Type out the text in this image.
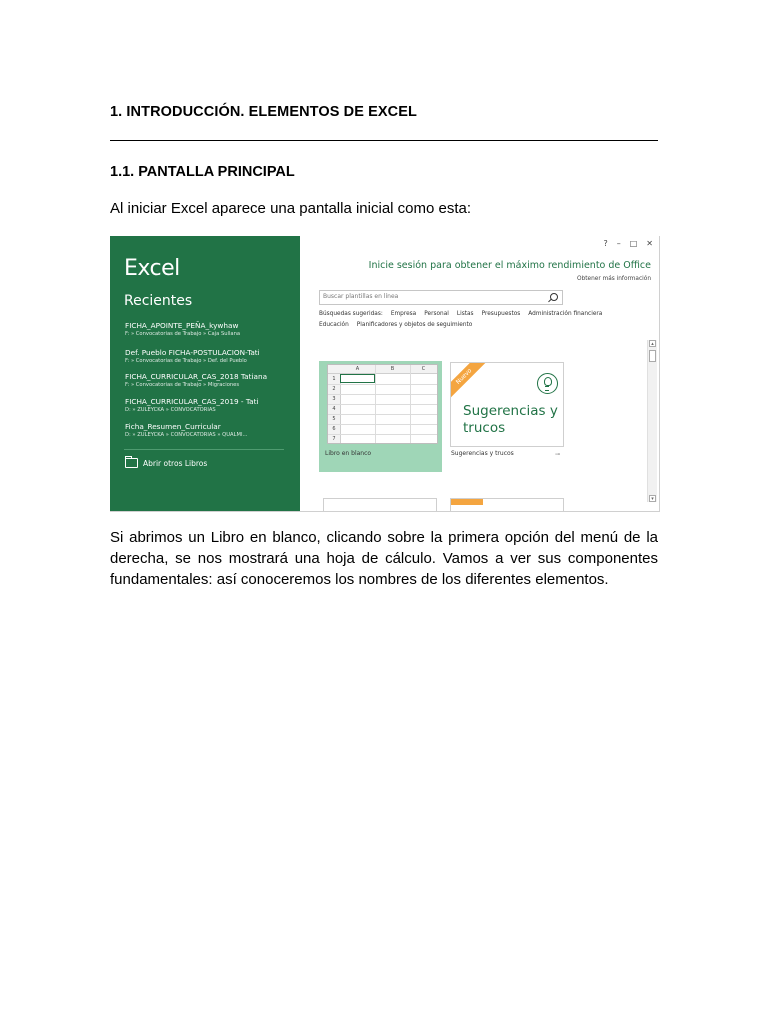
1. INTRODUCCIÓN. ELEMENTOS DE EXCEL
1.1. PANTALLA PRINCIPAL
Al iniciar Excel aparece una pantalla inicial como esta:
Excel
Recientes
FICHA_APOINTE_PEÑA_kywhaw
F: » Convocatorias de Trabajo » Caja Sullana
Def. Pueblo FICHA-POSTULACION-Tati
F: » Convocatorias de Trabajo » Def. del Pueblo
FICHA_CURRICULAR_CAS_2018 Tatiana
F: » Convocatorias de Trabajo » Migraciones
FICHA_CURRICULAR_CAS_2019 - Tati
D: » ZULEYCKA » CONVOCATORIAS
Ficha_Resumen_Curricular
D: » ZULEYCKA » CONVOCATORIAS » QUALMI...
Abrir otros Libros
? – □ ✕
Inicie sesión para obtener el máximo rendimiento de Office
Obtener más información
Buscar plantillas en línea
Búsquedas sugeridas: Empresa Personal Listas Presupuestos Administración financiera
Educación Planificadores y objetos de seguimiento
A	B	C
1
2
3
4
5
6
7
Libro en blanco
Nuevo
Sugerencias y trucos
Sugerencias y trucos	⊸
▴
▾
Si abrimos un Libro en blanco, clicando sobre la primera opción del menú de la derecha, se nos mostrará una hoja de cálculo. Vamos a ver sus componentes fundamentales: así conoceremos los nombres de los diferentes elementos.
